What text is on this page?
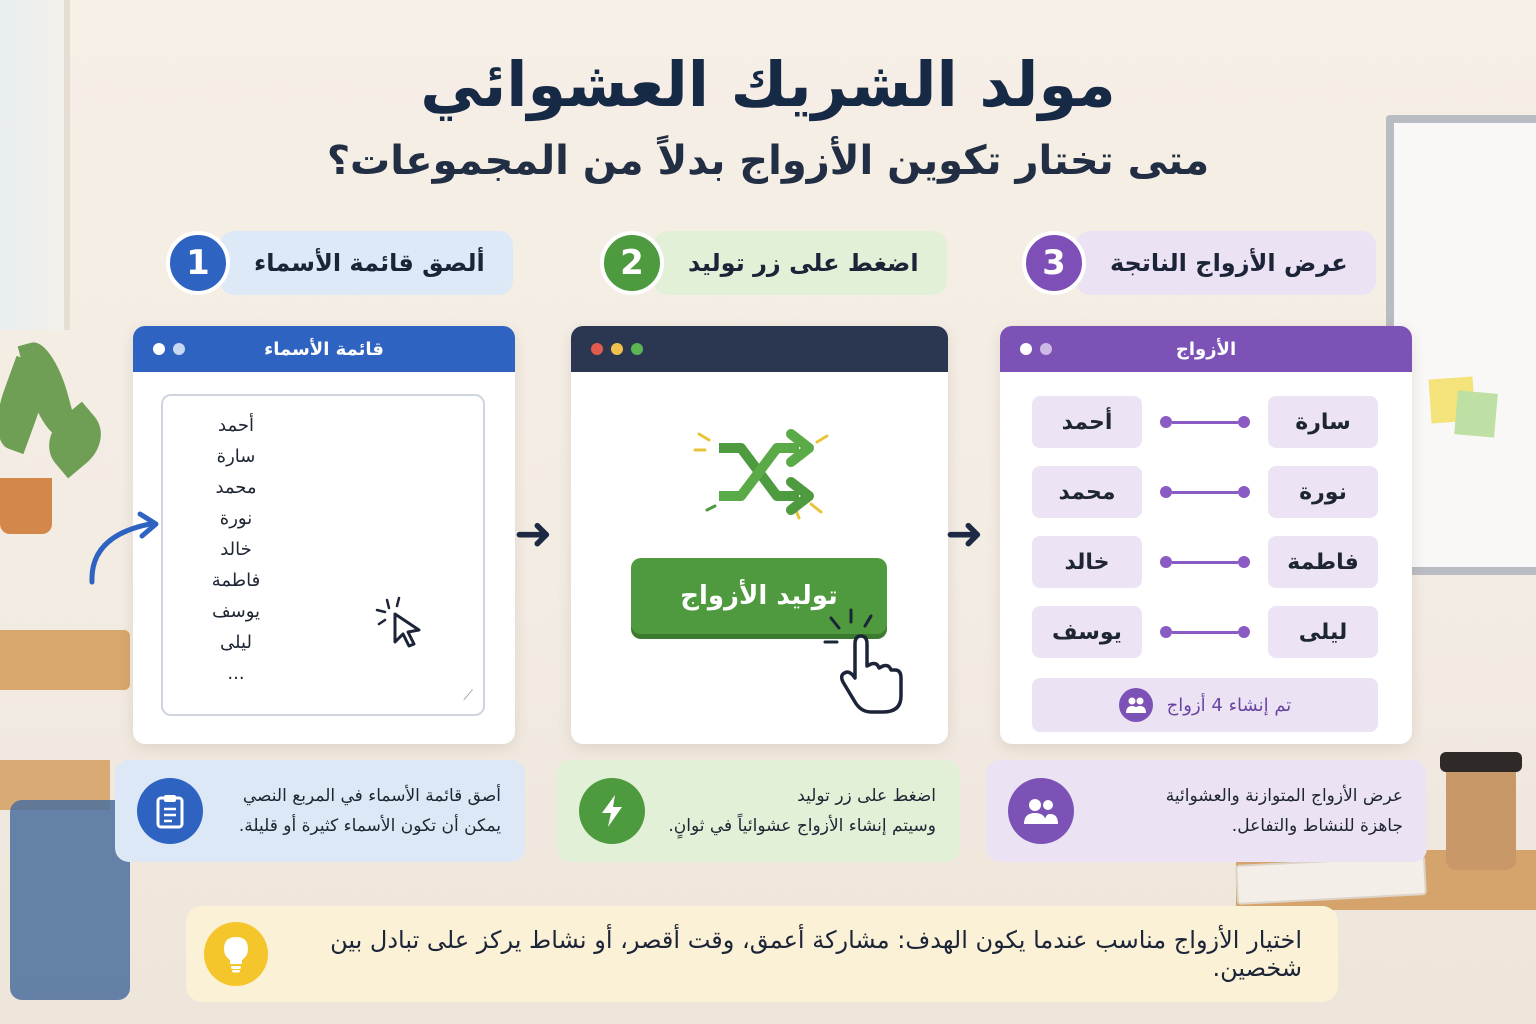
مولد الشريك العشوائي
متى تختار تكوين الأزواج بدلاً من المجموعات؟
1	ألصق قائمة الأسماء	2	اضغط على زر توليد	3	عرض الأزواج الناتجة
قائمة الأسماء
أحمد
سارة
محمد
نورة
خالد
فاطمة
يوسف
ليلى
...
⟋
➜
توليد الأزواج
➜
الأزواج
أحمد	سارة
محمد	نورة
خالد	فاطمة
يوسف	ليلى
تم إنشاء 4 أزواج
أصق قائمة الأسماء في المربع النصي
يمكن أن تكون الأسماء كثيرة أو قليلة.
اضغط على زر توليد
وسيتم إنشاء الأزواج عشوائياً في ثوانٍ.
عرض الأزواج المتوازنة والعشوائية
جاهزة للنشاط والتفاعل.
اختيار الأزواج مناسب عندما يكون الهدف: مشاركة أعمق، وقت أقصر، أو نشاط يركز على تبادل بين شخصين.
